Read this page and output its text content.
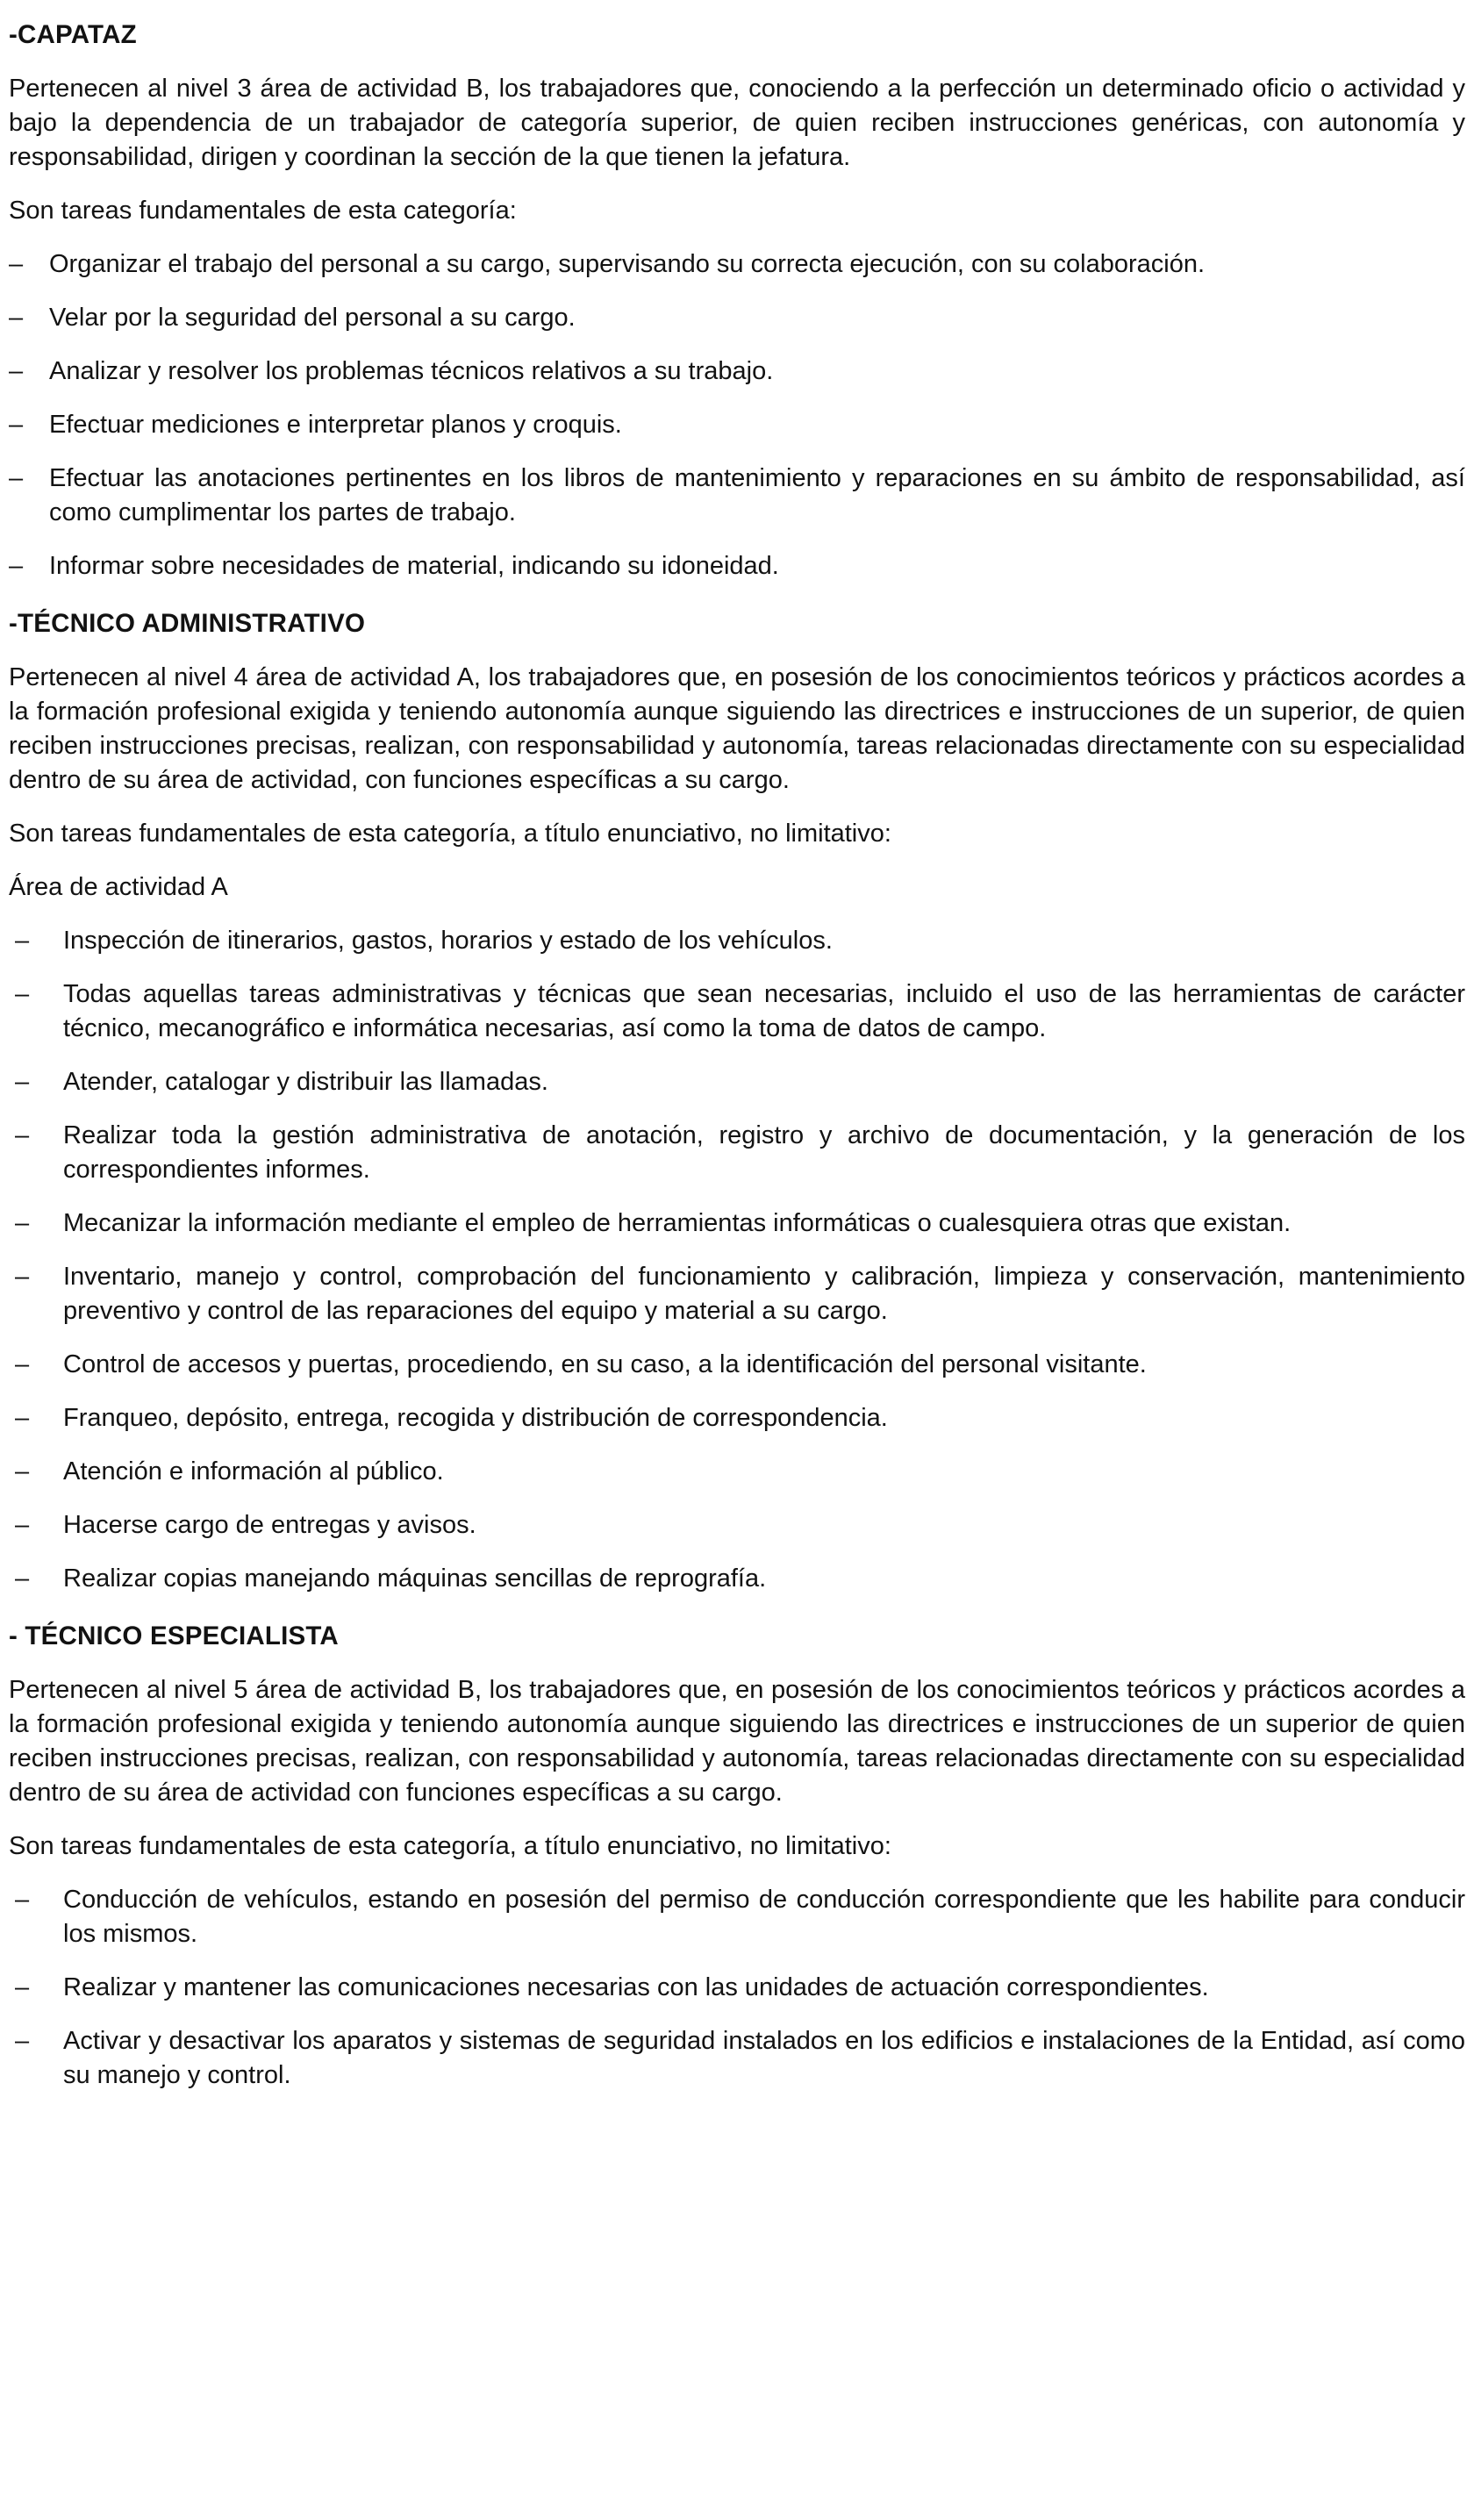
-CAPATAZ

Pertenecen al nivel 3 área de actividad B, los trabajadores que, conociendo a la perfección un determinado oficio o actividad y bajo la dependencia de un trabajador de categoría superior, de quien reciben instrucciones genéricas, con autonomía y responsabilidad, dirigen y coordinan la sección de la que tienen la jefatura.

Son tareas fundamentales de esta categoría:

–	Organizar el trabajo del personal a su cargo, supervisando su correcta ejecución, con su colaboración.
–	Velar por la seguridad del personal a su cargo.
–	Analizar y resolver los problemas técnicos relativos a su trabajo.
–	Efectuar mediciones e interpretar planos y croquis.
–	Efectuar las anotaciones pertinentes en los libros de mantenimiento y reparaciones en su ámbito de responsabilidad, así como cumplimentar los partes de trabajo.
–	Informar sobre necesidades de material, indicando su idoneidad.
-TÉCNICO ADMINISTRATIVO

Pertenecen al nivel 4 área de actividad A, los trabajadores que, en posesión de los conocimientos teóricos y prácticos acordes a la formación profesional exigida y teniendo autonomía aunque siguiendo las directrices e instrucciones de un superior, de quien reciben instrucciones precisas, realizan, con responsabilidad y autonomía, tareas relacionadas directamente con su especialidad dentro de su área de actividad, con funciones específicas a su cargo.

Son tareas fundamentales de esta categoría, a título enunciativo, no limitativo:

Área de actividad A

–	Inspección de itinerarios, gastos, horarios y estado de los vehículos.
–	Todas aquellas tareas administrativas y técnicas que sean necesarias, incluido el uso de las herramientas de carácter técnico, mecanográfico e informática necesarias, así como la toma de datos de campo.
–	Atender, catalogar y distribuir las llamadas.
–	Realizar toda la gestión administrativa de anotación, registro y archivo de documentación, y la generación de los correspondientes informes.
–	Mecanizar la información mediante el empleo de herramientas informáticas o cualesquiera otras que existan.
–	Inventario, manejo y control, comprobación del funcionamiento y calibración, limpieza y conservación, mantenimiento preventivo y control de las reparaciones del equipo y material a su cargo.
–	Control de accesos y puertas, procediendo, en su caso, a la identificación del personal visitante.
–	Franqueo, depósito, entrega, recogida y distribución de correspondencia.
–	Atención e información al público.
–	Hacerse cargo de entregas y avisos.
–	Realizar copias manejando máquinas sencillas de reprografía.
- TÉCNICO ESPECIALISTA

Pertenecen al nivel 5 área de actividad B, los trabajadores que, en posesión de los conocimientos teóricos y prácticos acordes a la formación profesional exigida y teniendo autonomía aunque siguiendo las directrices e instrucciones de un superior de quien reciben instrucciones precisas, realizan, con responsabilidad y autonomía, tareas relacionadas directamente con su especialidad dentro de su área de actividad con funciones específicas a su cargo.

Son tareas fundamentales de esta categoría, a título enunciativo, no limitativo:

–	Conducción de vehículos, estando en posesión del permiso de conducción correspondiente que les habilite para conducir los mismos.
–	Realizar y mantener las comunicaciones necesarias con las unidades de actuación correspondientes.
–	Activar y desactivar los aparatos y sistemas de seguridad instalados en los edificios e instalaciones de la Entidad, así como su manejo y control.
